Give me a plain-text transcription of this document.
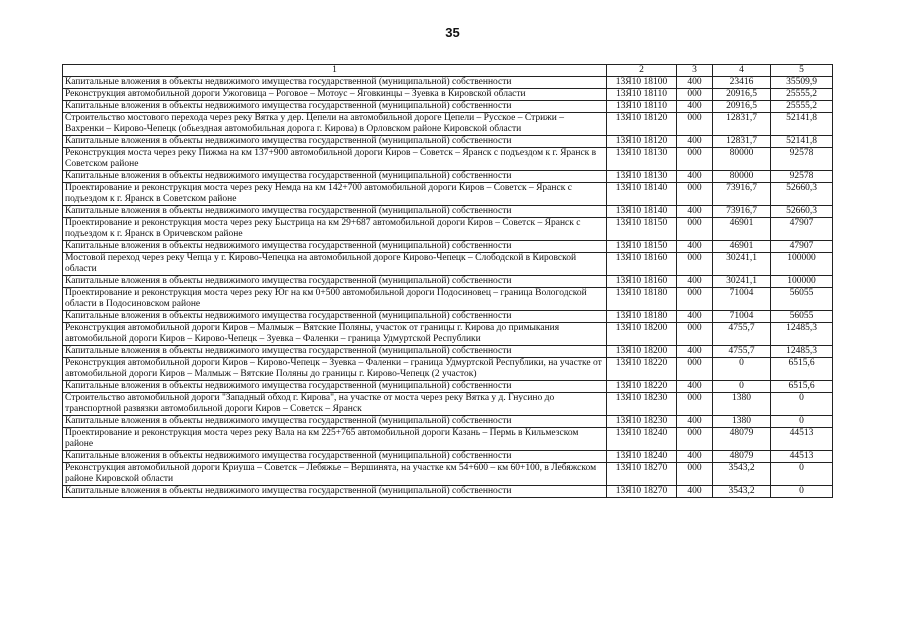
35
1	2	3	4	5
Капитальные вложения в объекты недвижимого имущества государственной (муниципальной) собственности	13Я10 18100	400	23416	35509,9
Реконструкция автомобильной дороги Ужоговица – Роговое – Мотоус – Яговкинцы – Зуевка в Кировской области	13Я10 18110	000	20916,5	25555,2
Капитальные вложения в объекты недвижимого имущества государственной (муниципальной) собственности	13Я10 18110	400	20916,5	25555,2
Строительство мостового перехода через реку Вятка у дер. Цепели на автомобильной дороге Цепели – Русское – Стрижи – Вахренки – Кирово-Чепецк (обьездная автомобильная дорога г. Кирова) в Орловском районе Кировской области	13Я10 18120	000	12831,7	52141,8
Капитальные вложения в объекты недвижимого имущества государственной (муниципальной) собственности	13Я10 18120	400	12831,7	52141,8
Реконструкция моста через реку Пижма на км 137+900 автомобильной дороги Киров – Советск – Яранск с подъездом к г. Яранск в Советском районе	13Я10 18130	000	80000	92578
Капитальные вложения в объекты недвижимого имущества государственной (муниципальной) собственности	13Я10 18130	400	80000	92578
Проектирование и реконструкция моста через реку Немда на км 142+700 автомобильной дороги Киров – Советск – Яранск с подъездом к г. Яранск в Советском районе	13Я10 18140	000	73916,7	52660,3
Капитальные вложения в объекты недвижимого имущества государственной (муниципальной) собственности	13Я10 18140	400	73916,7	52660,3
Проектирование и реконструкция моста через реку Быстрица на км 29+687 автомобильной дороги Киров – Советск – Яранск с подъездом к г. Яранск в Оричевском районе	13Я10 18150	000	46901	47907
Капитальные вложения в объекты недвижимого имущества государственной (муниципальной) собственности	13Я10 18150	400	46901	47907
Мостовой переход через реку Чепца у г. Кирово-Чепецка на автомобильной дороге Кирово-Чепецк – Слободской в Кировской области	13Я10 18160	000	30241,1	100000
Капитальные вложения в объекты недвижимого имущества государственной (муниципальной) собственности	13Я10 18160	400	30241,1	100000
Проектирование и реконструкция моста через реку Юг на км 0+500 автомобильной дороги Подосиновец – граница Вологодской области в Подосиновском районе	13Я10 18180	000	71004	56055
Капитальные вложения в объекты недвижимого имущества государственной (муниципальной) собственности	13Я10 18180	400	71004	56055
Реконструкция автомобильной дороги Киров – Малмыж – Вятские Поляны, участок от границы г. Кирова до примыкания автомобильной дороги Киров – Кирово-Чепецк – Зуевка – Фаленки – граница Удмуртской Республики	13Я10 18200	000	4755,7	12485,3
Капитальные вложения в объекты недвижимого имущества государственной (муниципальной) собственности	13Я10 18200	400	4755,7	12485,3
Реконструкция автомобильной дороги Киров – Кирово-Чепецк – Зуевка – Фаленки – граница Удмуртской Республики, на участке от автомобильной дороги Киров – Малмыж – Вятские Поляны до границы г. Кирово-Чепецк (2 участок)	13Я10 18220	000	0	6515,6
Капитальные вложения в объекты недвижимого имущества государственной (муниципальной) собственности	13Я10 18220	400	0	6515,6
Строительство автомобильной дороги "Западный обход г. Кирова", на участке от моста через реку Вятка у д. Гнусино до транспортной развязки автомобильной дороги Киров – Советск – Яранск	13Я10 18230	000	1380	0
Капитальные вложения в объекты недвижимого имущества государственной (муниципальной) собственности	13Я10 18230	400	1380	0
Проектирование и реконструкция моста через реку Вала на км 225+765 автомобильной дороги Казань – Пермь в Кильмезском районе	13Я10 18240	000	48079	44513
Капитальные вложения в объекты недвижимого имущества государственной (муниципальной) собственности	13Я10 18240	400	48079	44513
Реконструкция автомобильной дороги Криуша – Советск – Лебяжье – Вершинята, на участке км 54+600 – км 60+100, в Лебяжском районе Кировской области	13Я10 18270	000	3543,2	0
Капитальные вложения в объекты недвижимого имущества государственной (муниципальной) собственности	13Я10 18270	400	3543,2	0
